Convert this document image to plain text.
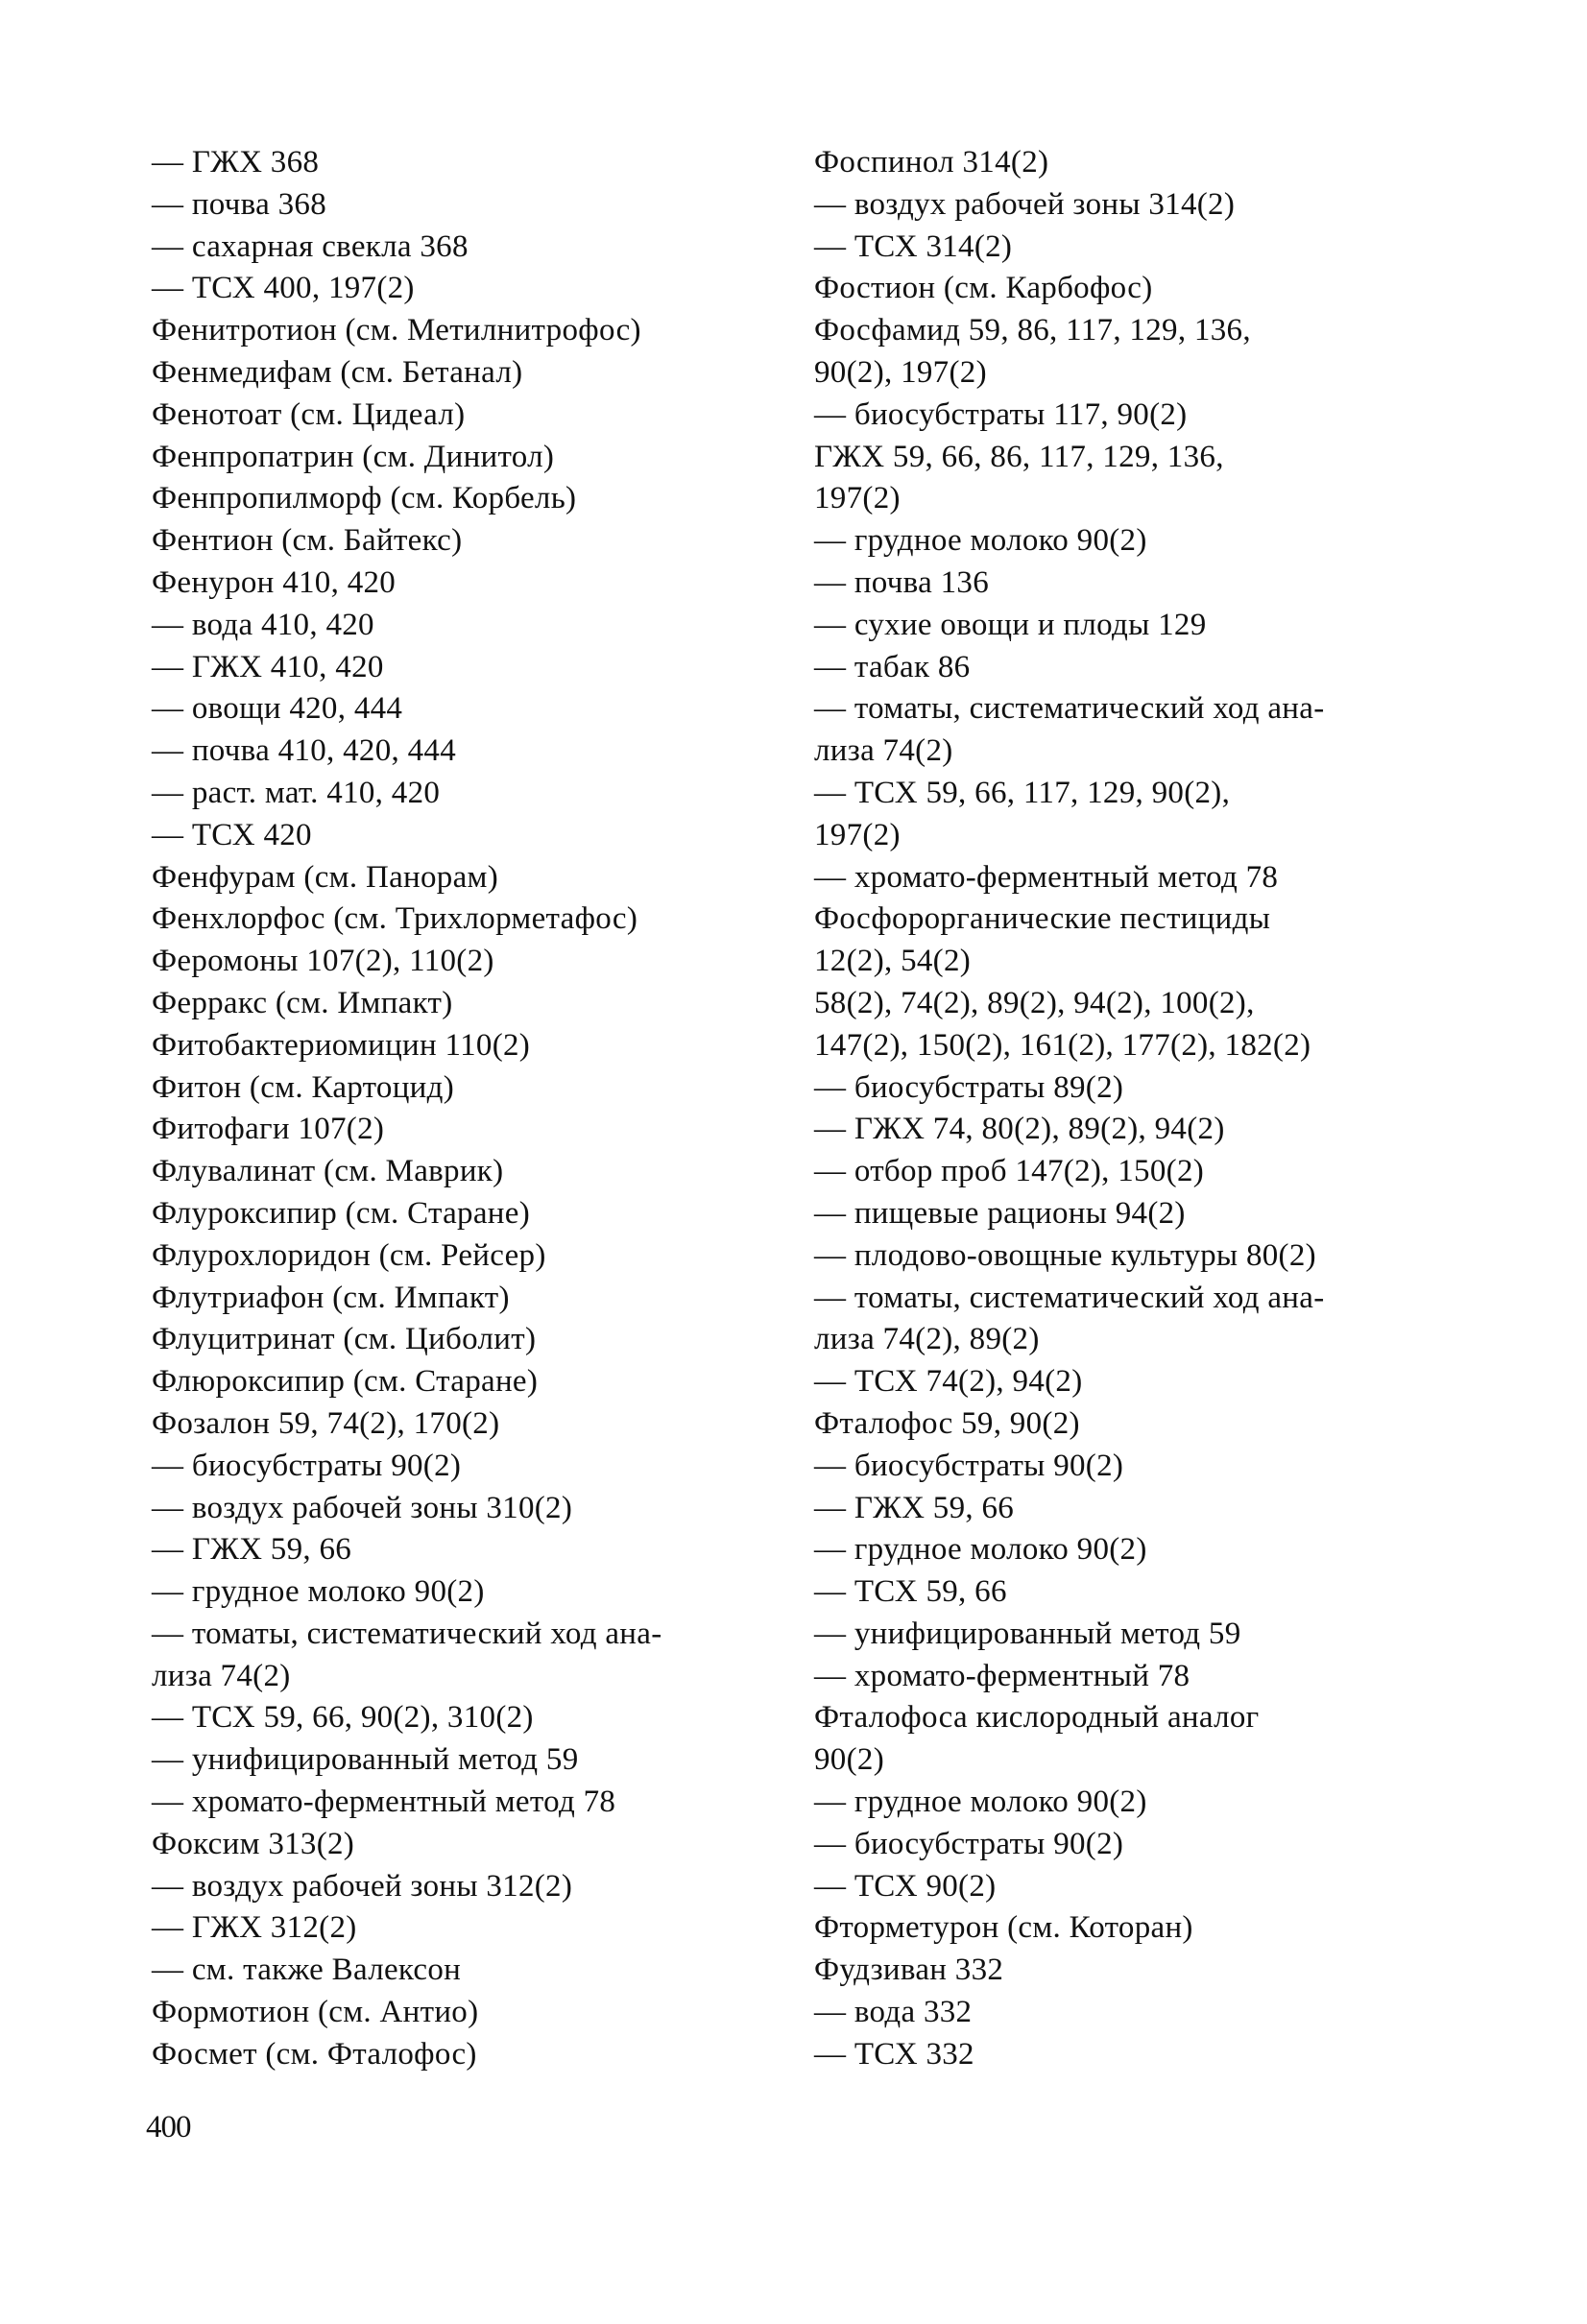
— ГЖХ 368
— почва 368
— сахарная свекла 368
— ТСХ 400, 197(2)
Фенитротион (см. Метилнитрофос)
Фенмедифам (см. Бетанал)
Фенотоат (см. Цидеал)
Фенпропатрин (см. Динитол)
Фенпропилморф (см. Корбель)
Фентион (см. Байтекс)
Фенурон 410, 420
— вода 410, 420
— ГЖХ 410, 420
— овощи 420, 444
— почва 410, 420, 444
— раст. мат. 410, 420
— ТСХ 420
Фенфурам (см. Панорам)
Фенхлорфос (см. Трихлорметафос)
Феромоны 107(2), 110(2)
Ферракс (см. Импакт)
Фитобактериомицин 110(2)
Фитон (см. Картоцид)
Фитофаги 107(2)
Флувалинат (см. Маврик)
Флуроксипир (см. Старане)
Флурохлоридон (см. Рейсер)
Флутриафон (см. Импакт)
Флуцитринат (см. Циболит)
Флюроксипир (см. Старане)
Фозалон 59, 74(2), 170(2)
— биосубстраты 90(2)
— воздух рабочей зоны 310(2)
— ГЖХ 59, 66
— грудное молоко 90(2)
— томаты, систематический ход ана-
лиза 74(2)
— ТСХ 59, 66, 90(2), 310(2)
— унифицированный метод 59
— хромато-ферментный метод 78
Фоксим 313(2)
— воздух рабочей зоны 312(2)
— ГЖХ 312(2)
— см. также Валексон
Формотион (см. Антио)
Фосмет (см. Фталофос)
Фоспинол 314(2)
— воздух рабочей зоны 314(2)
— ТСХ 314(2)
Фостион (см. Карбофос)
Фосфамид 59, 86, 117, 129, 136,
90(2), 197(2)
— биосубстраты 117, 90(2)
ГЖХ 59, 66, 86, 117, 129, 136,
197(2)
— грудное молоко 90(2)
— почва 136
— сухие овощи и плоды 129
— табак 86
— томаты, систематический ход ана-
лиза 74(2)
— ТСХ 59, 66, 117, 129, 90(2),
197(2)
— хромато-ферментный метод 78
Фосфорорганические пестициды
12(2), 54(2)
58(2), 74(2), 89(2), 94(2), 100(2),
147(2), 150(2), 161(2), 177(2), 182(2)
— биосубстраты 89(2)
— ГЖХ 74, 80(2), 89(2), 94(2)
— отбор проб 147(2), 150(2)
— пищевые рационы 94(2)
— плодово-овощные культуры 80(2)
— томаты, систематический ход ана-
лиза 74(2), 89(2)
— ТСХ 74(2), 94(2)
Фталофос 59, 90(2)
— биосубстраты 90(2)
— ГЖХ 59, 66
— грудное молоко 90(2)
— ТСХ 59, 66
— унифицированный метод 59
— хромато-ферментный 78
Фталофоса кислородный аналог
90(2)
— грудное молоко 90(2)
— биосубстраты 90(2)
— ТСХ 90(2)
Фторметурон (см. Которан)
Фудзиван 332
— вода 332
— ТСХ 332
400
